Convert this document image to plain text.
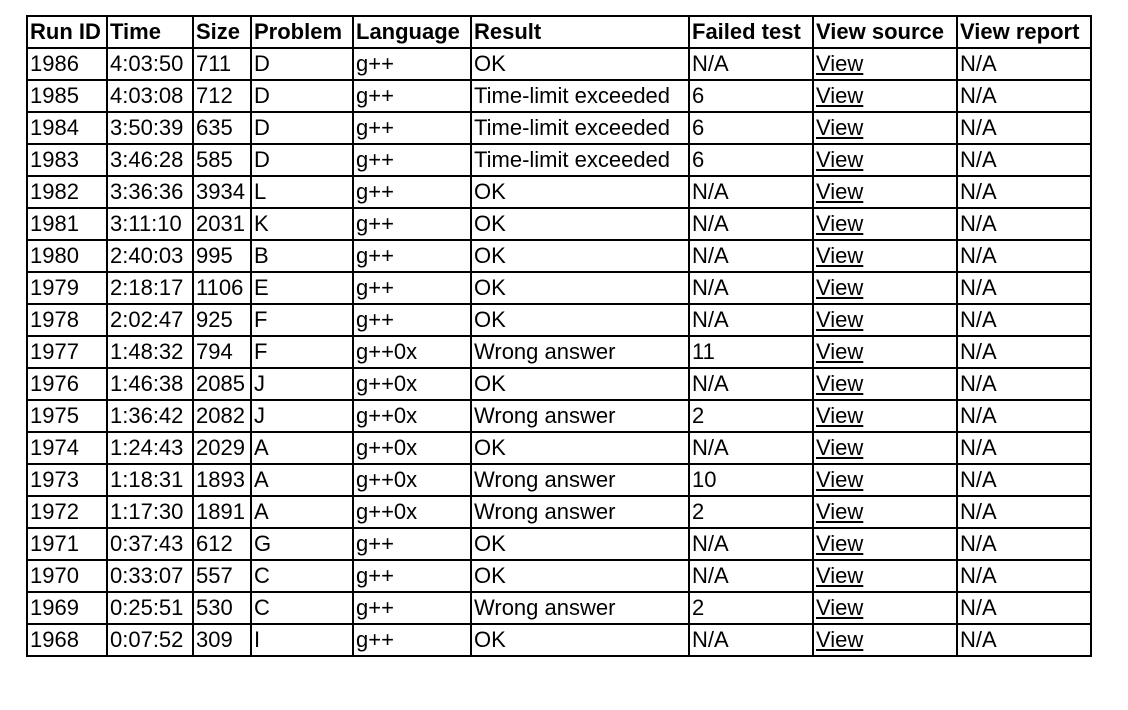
Run ID	Time	Size	Problem	Language	Result	Failed test	View source	View report
1986	4:03:50	711	D	g++	OK	N/A	View	N/A
1985	4:03:08	712	D	g++	Time-limit exceeded	6	View	N/A
1984	3:50:39	635	D	g++	Time-limit exceeded	6	View	N/A
1983	3:46:28	585	D	g++	Time-limit exceeded	6	View	N/A
1982	3:36:36	3934	L	g++	OK	N/A	View	N/A
1981	3:11:10	2031	K	g++	OK	N/A	View	N/A
1980	2:40:03	995	B	g++	OK	N/A	View	N/A
1979	2:18:17	1106	E	g++	OK	N/A	View	N/A
1978	2:02:47	925	F	g++	OK	N/A	View	N/A
1977	1:48:32	794	F	g++0x	Wrong answer	11	View	N/A
1976	1:46:38	2085	J	g++0x	OK	N/A	View	N/A
1975	1:36:42	2082	J	g++0x	Wrong answer	2	View	N/A
1974	1:24:43	2029	A	g++0x	OK	N/A	View	N/A
1973	1:18:31	1893	A	g++0x	Wrong answer	10	View	N/A
1972	1:17:30	1891	A	g++0x	Wrong answer	2	View	N/A
1971	0:37:43	612	G	g++	OK	N/A	View	N/A
1970	0:33:07	557	C	g++	OK	N/A	View	N/A
1969	0:25:51	530	C	g++	Wrong answer	2	View	N/A
1968	0:07:52	309	I	g++	OK	N/A	View	N/A
